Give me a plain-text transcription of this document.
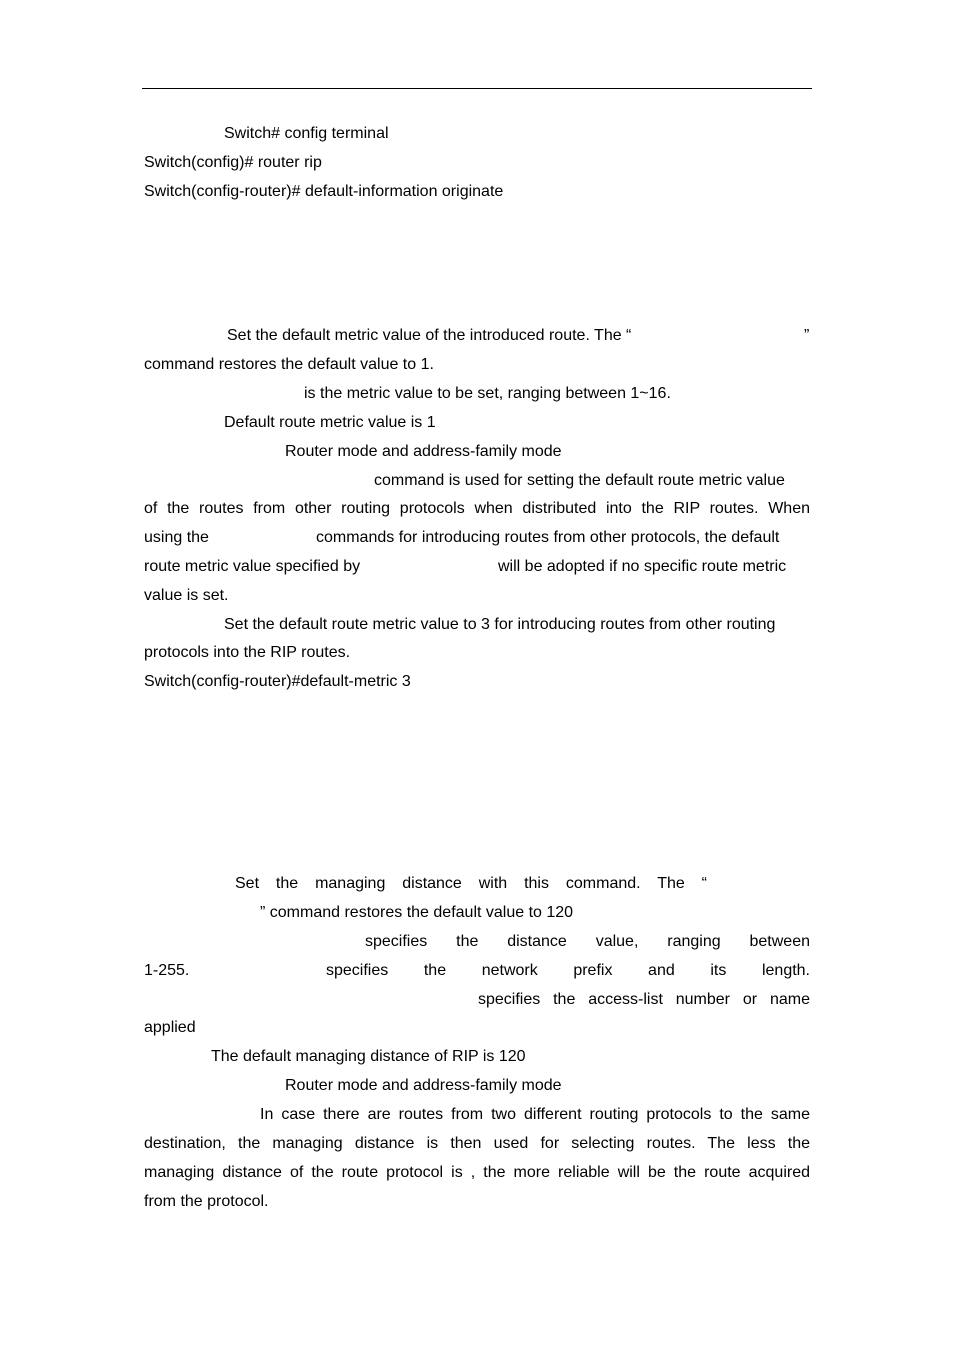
Switch# config terminal
Switch(config)# router rip
Switch(config-router)# default-information originate
Set the default metric value of the introduced route. The “	”
command restores the default value to 1.
is the metric value to be set, ranging between 1~16.
Default route metric value is 1
Router mode and address-family mode
command is used for setting the default route metric value
of the routes from other routing protocols when distributed into the RIP routes. When
using the	commands for introducing routes from other protocols, the default
route metric value specified by	will be adopted if no specific route metric
value is set.
Set the default route metric value to 3 for introducing routes from other routing
protocols into the RIP routes.
Switch(config-router)#default-metric 3
Set the managing distance with this command. The “
” command restores the default value to 120
specifies the distance value, ranging between
1-255.	specifies the network prefix and its length.
specifies the access-list number or name
applied
The default managing distance of RIP is 120
Router mode and address-family mode
In case there are routes from two different routing protocols to the same
destination, the managing distance is then used for selecting routes. The less the
managing distance of the route protocol is , the more reliable will be the route acquired
from the protocol.
